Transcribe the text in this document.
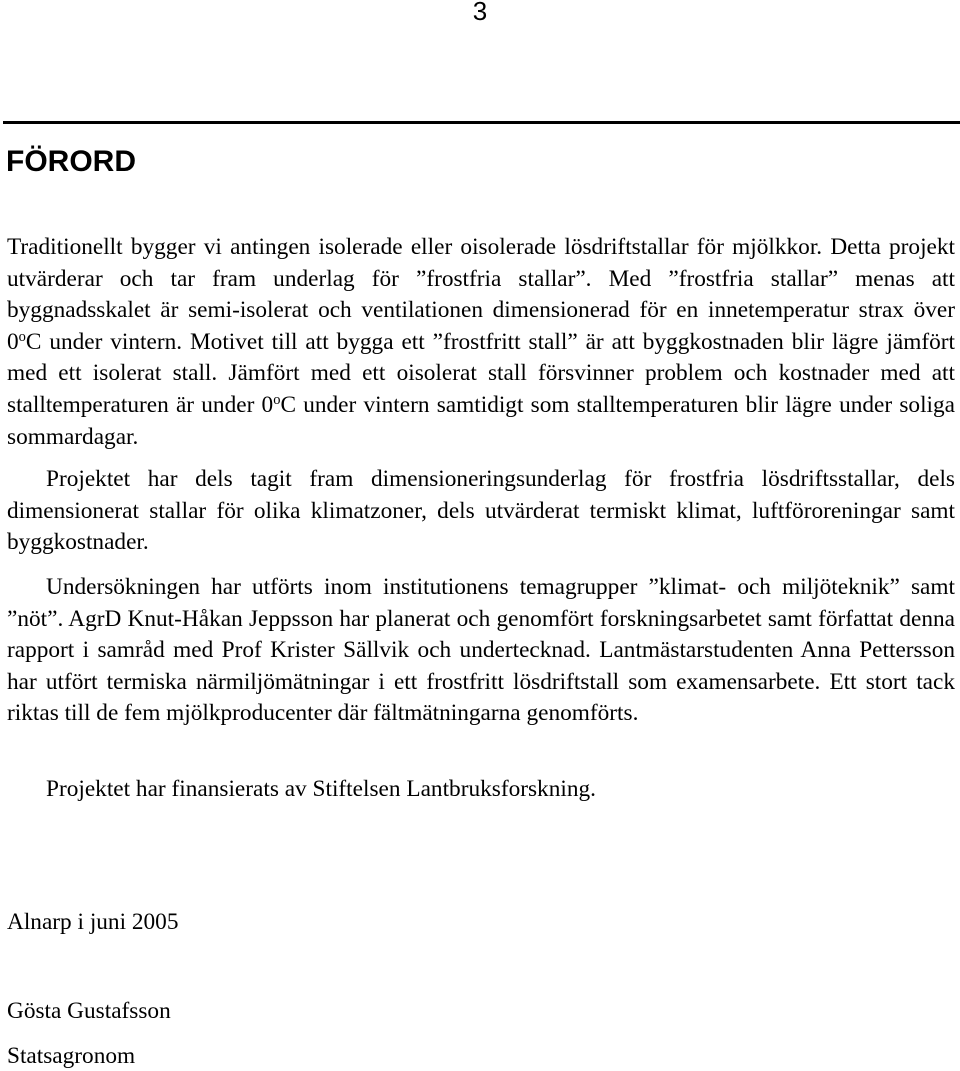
3
FÖRORD

Traditionellt bygger vi antingen isolerade eller oisolerade lösdriftstallar för mjölkkor. Detta projekt utvärderar och tar fram underlag för ”frostfria stallar”. Med ”frostfria stallar” menas att byggnadsskalet är semi-isolerat och ventilationen dimensionerad för en innetemperatur strax över 0$^o$C under vintern. Motivet till att bygga ett ”frostfritt stall” är att byggkostnaden blir lägre jämfört med ett isolerat stall. Jämfört med ett oisolerat stall försvinner problem och kostnader med att stalltemperaturen är under 0$^o$C under vintern samtidigt som stalltemperaturen blir lägre under soliga sommardagar.

Projektet har dels tagit fram dimensioneringsunderlag för frostfria lösdriftsstallar, dels dimensionerat stallar för olika klimatzoner, dels utvärderat termiskt klimat, luftföroreningar samt byggkostnader.

Undersökningen har utförts inom institutionens temagrupper ”klimat- och miljöteknik” samt ”nöt”. AgrD Knut-Håkan Jeppsson har planerat och genomfört forskningsarbetet samt författat denna rapport i samråd med Prof Krister Sällvik och undertecknad. Lantmästarstudenten Anna Pettersson har utfört termiska närmiljömätningar i ett frostfritt lösdriftstall som examensarbete. Ett stort tack riktas till de fem mjölkproducenter där fältmätningarna genomförts.

Projektet har finansierats av Stiftelsen Lantbruksforskning.

Alnarp i juni 2005

Gösta Gustafsson

Statsagronom
